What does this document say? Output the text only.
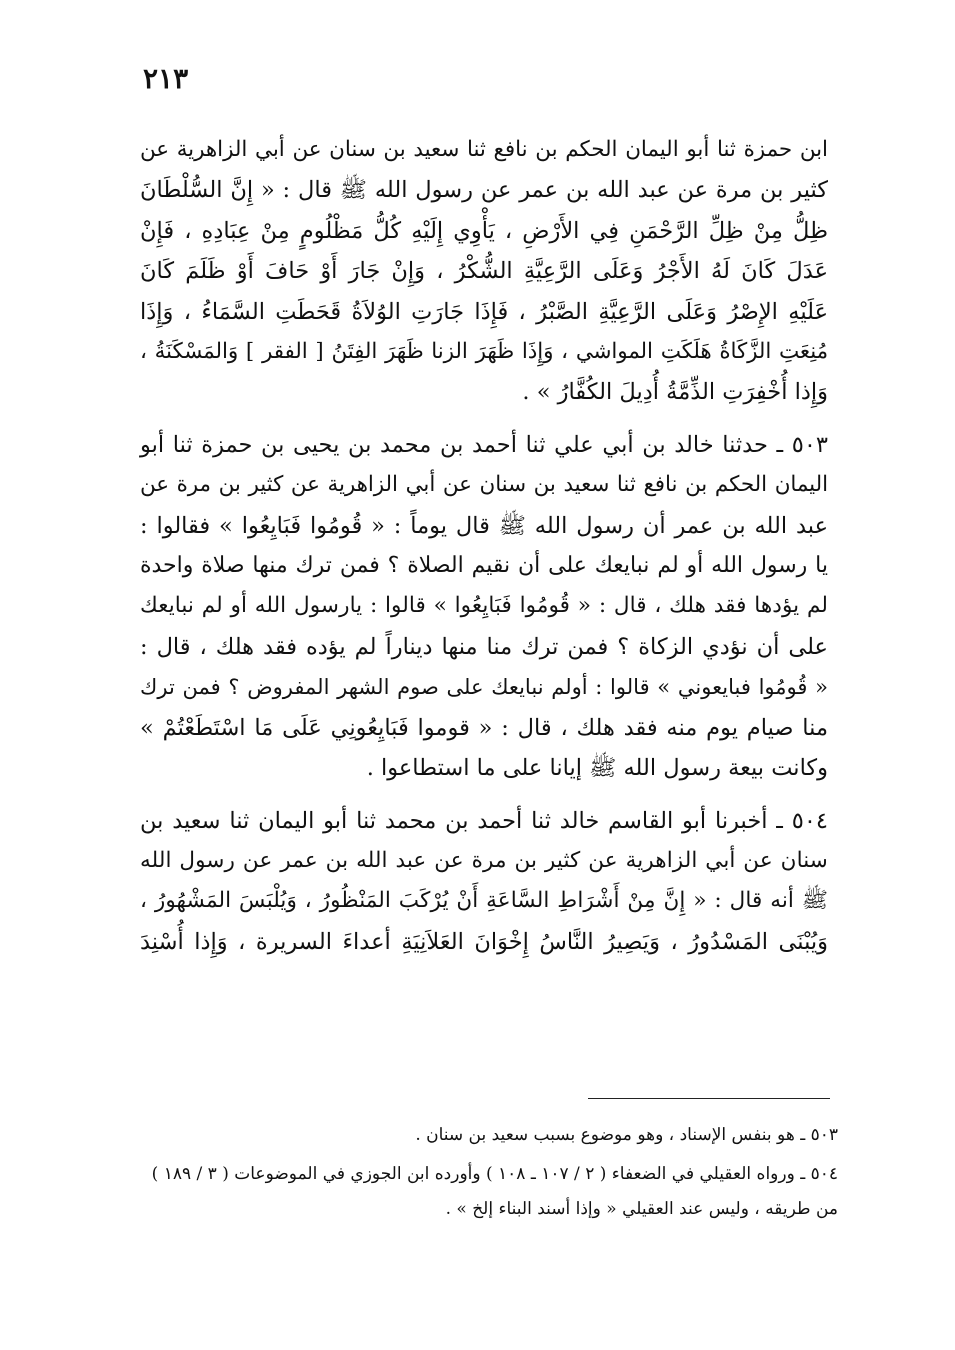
٢١٣

ابن حمزة ثنا أبو اليمان الحكم بن نافع ثنا سعيد بن سنان عن أبي الزاهرية عن
كثير بن مرة عن عبد الله بن عمر عن رسول الله ﷺ قال : « إِنَّ السُّلْطَانَ
ظِلُّ مِنْ ظِلِّ الرَّحْمَنِ فِي الأَرْضِ ، يَأْوِي إِلَيْهِ كُلُّ مَظْلُومٍ مِنْ عِبَادِهِ ، فَإِنْ
عَدَلَ كَانَ لَهُ الأَجْرُ وَعَلَى الرَّعِيَّةِ الشُّكْرُ ، وَإِنْ جَارَ أَوْ حَافَ أَوْ ظَلَمَ كَانَ
عَلَيْهِ الإِصْرُ وَعَلَى الرَّعِيَّةِ الصَّبْرُ ، فَإِذَا جَارَتِ الوُلاَةُ قَحَطَتِ السَّمَاءُ ، وَإِذَا
مُنِعَتِ الزَّكَاةُ هَلَكَتِ المواشي ، وَإِذَا ظَهَرَ الزنا ظَهَرَ الفِتَنُ [ الفقر ] وَالمَسْكَنَةُ ،
وَإِذا أُخْفِرَتِ الذِّمَّةُ أُدِيلَ الكُفَّارُ » .

٥٠٣ ـ حدثنا خالد بن أبي علي ثنا أحمد بن محمد بن يحيى بن حمزة ثنا أبو
اليمان الحكم بن نافع ثنا سعيد بن سنان عن أبي الزاهرية عن كثير بن مرة عن
عبد الله بن عمر أن رسول الله ﷺ قال يوماً : « قُومُوا فَبَايِعُوا » فقالوا :
يا رسول الله أو لم نبايعك على أن نقيم الصلاة ؟ فمن ترك منها صلاة واحدة
لم يؤدها فقد هلك ، قال : « قُومُوا فَبَايِعُوا » قالوا : يارسول الله أو لم نبايعك
على أن نؤدي الزكاة ؟ فمن ترك منا منها ديناراً لم يؤده فقد هلك ، قال :
« قُومُوا فبايعوني » قالوا : أولم نبايعك على صوم الشهر المفروض ؟ فمن ترك
منا صيام يوم منه فقد هلك ، قال : « قوموا فَبَايِعُونِي عَلَى مَا اسْتَطَعْتُمْ »
وكانت بيعة رسول الله ﷺ إيانا على ما استطاعوا .

٥٠٤ ـ أخبرنا أبو القاسم خالد ثنا أحمد بن محمد ثنا أبو اليمان ثنا سعيد بن
سنان عن أبي الزاهرية عن كثير بن مرة عن عبد الله بن عمر عن رسول الله
ﷺ أنه قال : « إِنَّ مِنْ أَشْرَاطِ السَّاعَةِ أَنْ يُرْكَبَ المَنْظُورُ ، وَيُلْبَسَ المَشْهُورُ ،
وَيُبْنَى المَسْدُورُ ، وَيَصِيرُ النَّاسُ إِخْوَانَ العَلاَنِيَةِ أعداءَ السريرة ، وَإِذا أُسْنِدَ

٥٠٣ ـ هو بنفس الإسناد ، وهو موضوع بسبب سعيد بن سنان .

٥٠٤ ـ ورواه العقيلي في الضعفاء ( ٢ / ١٠٧ ـ ١٠٨ ) وأورده ابن الجوزي في الموضوعات ( ٣ / ١٨٩ )
من طريقه ، وليس عند العقيلي « وإذا أسند البناء إلخ » .
